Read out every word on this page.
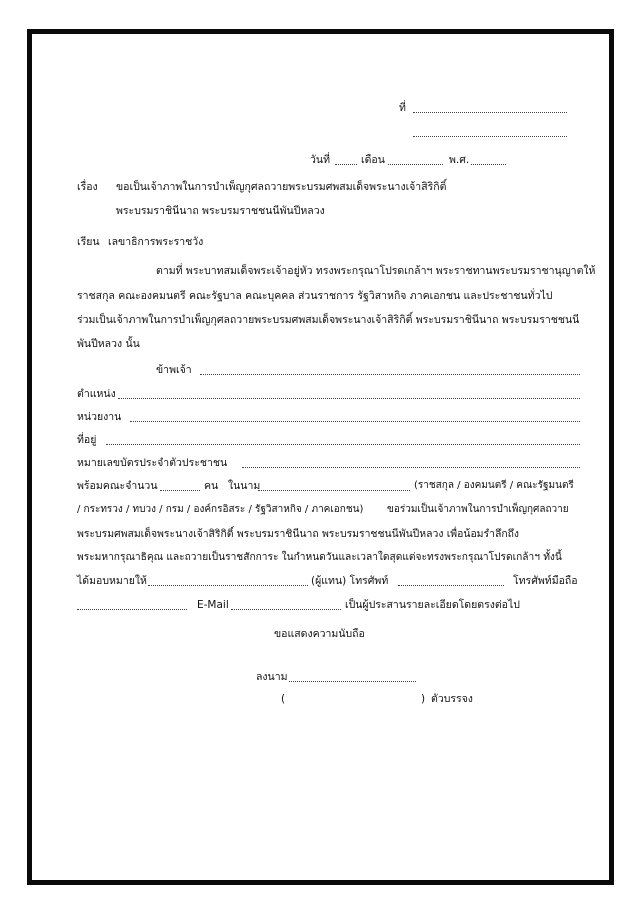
ที่
วันที่	เดือน	พ.ศ.
เรื่อง ขอเป็นเจ้าภาพในการบำเพ็ญกุศลถวายพระบรมศพสมเด็จพระนางเจ้าสิริกิติ์
พระบรมราชินีนาถ พระบรมราชชนนีพันปีหลวง
เรียน เลขาธิการพระราชวัง
ตามที่ พระบาทสมเด็จพระเจ้าอยู่หัว ทรงพระกรุณาโปรดเกล้าฯ พระราชทานพระบรมราชานุญาตให้
ราชสกุล คณะองคมนตรี คณะรัฐบาล คณะบุคคล ส่วนราชการ รัฐวิสาหกิจ ภาคเอกชน และประชาชนทั่วไป
ร่วมเป็นเจ้าภาพในการบำเพ็ญกุศลถวายพระบรมศพสมเด็จพระนางเจ้าสิริกิติ์ พระบรมราชินีนาถ พระบรมราชชนนี
พันปีหลวง นั้น
ข้าพเจ้า
ตำแหน่ง
หน่วยงาน
ที่อยู่
หมายเลขบัตรประจำตัวประชาชน
พร้อมคณะจำนวน	คน ในนาม	(ราชสกุล / องคมนตรี / คณะรัฐมนตรี
/ กระทรวง / ทบวง / กรม / องค์กรอิสระ / รัฐวิสาหกิจ / ภาคเอกชน) ขอร่วมเป็นเจ้าภาพในการบำเพ็ญกุศลถวาย
พระบรมศพสมเด็จพระนางเจ้าสิริกิติ์ พระบรมราชินีนาถ พระบรมราชชนนีพันปีหลวง เพื่อน้อมรำลึกถึง
พระมหากรุณาธิคุณ และถวายเป็นราชสักการะ ในกำหนดวันและเวลาใดสุดแต่จะทรงพระกรุณาโปรดเกล้าฯ ทั้งนี้
ได้มอบหมายให้	(ผู้แทน) โทรศัพท์	โทรศัพท์มือถือ
E-Mail	เป็นผู้ประสานรายละเอียดโดยตรงต่อไป
ขอแสดงความนับถือ
ลงนาม
(	) ตัวบรรจง
